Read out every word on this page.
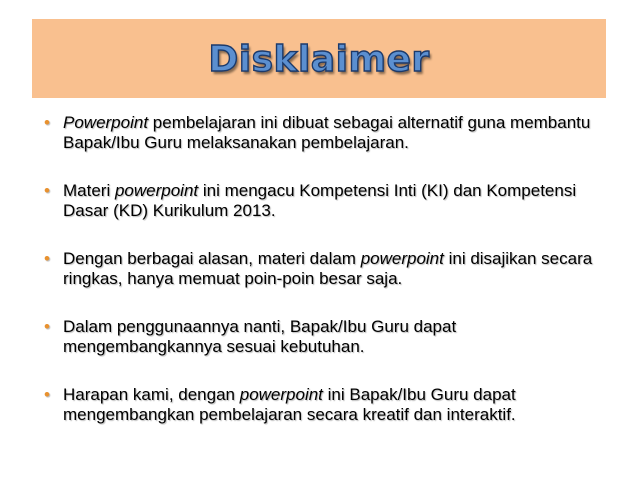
Disklaimer
• Powerpoint pembelajaran ini dibuat sebagai alternatif guna membantu Bapak/Ibu Guru melaksanakan pembelajaran.
• Materi powerpoint ini mengacu Kompetensi Inti (KI) dan Kompetensi Dasar (KD) Kurikulum 2013.
• Dengan berbagai alasan, materi dalam powerpoint ini disajikan secara ringkas, hanya memuat poin-poin besar saja.
• Dalam penggunaannya nanti, Bapak/Ibu Guru dapat mengembangkannya sesuai kebutuhan.
• Harapan kami, dengan powerpoint ini Bapak/Ibu Guru dapat mengembangkan pembelajaran secara kreatif dan interaktif.
